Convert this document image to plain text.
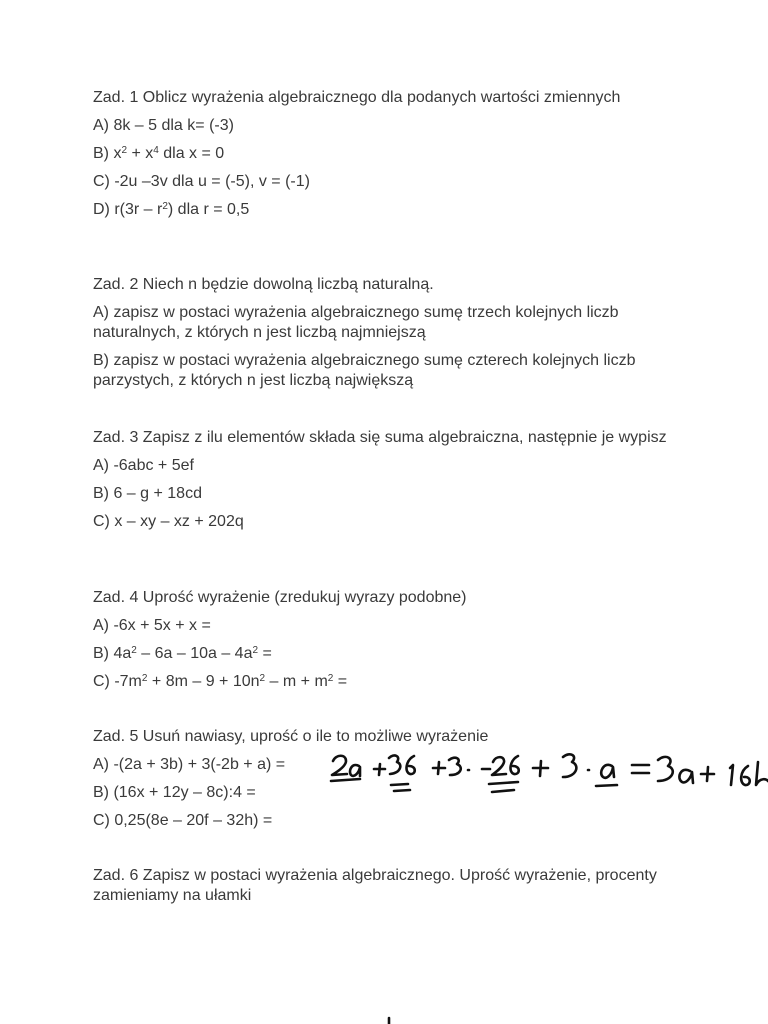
Zad. 1 Oblicz wyrażenia algebraicznego dla podanych wartości zmiennych
A) 8k – 5 dla k= (-3)
B) $x^2 + x^4$ dla x = 0
C) -2u –3v dla u = (-5), v = (-1)
D) $r(3r - r^2)$ dla r = 0,5
Zad. 2 Niech n będzie dowolną liczbą naturalną.
A) zapisz w postaci wyrażenia algebraicznego sumę trzech kolejnych liczb naturalnych, z których n jest liczbą najmniejszą
B) zapisz w postaci wyrażenia algebraicznego sumę czterech kolejnych liczb parzystych, z których n jest liczbą największą
Zad. 3 Zapisz z ilu elementów składa się suma algebraiczna, następnie je wypisz
A) -6abc + 5ef
B) 6 – g + 18cd
C) x – xy – xz + 202q
Zad. 4 Uprość wyrażenie (zredukuj wyrazy podobne)
A) -6x + 5x + x =
B) $4a^2 - 6a - 10a - 4a^2$ =
C) $-7m^2 + 8m - 9 + 10n^2 - m + m^2$ =
Zad. 5 Usuń nawiasy, uprość o ile to możliwe wyrażenie
A) -(2a + 3b) + 3(-2b + a) =
B) (16x + 12y – 8c):4 =
C) 0,25(8e – 20f – 32h) =
Zad. 6 Zapisz w postaci wyrażenia algebraicznego. Uprość wyrażenie, procenty zamieniamy na ułamki
